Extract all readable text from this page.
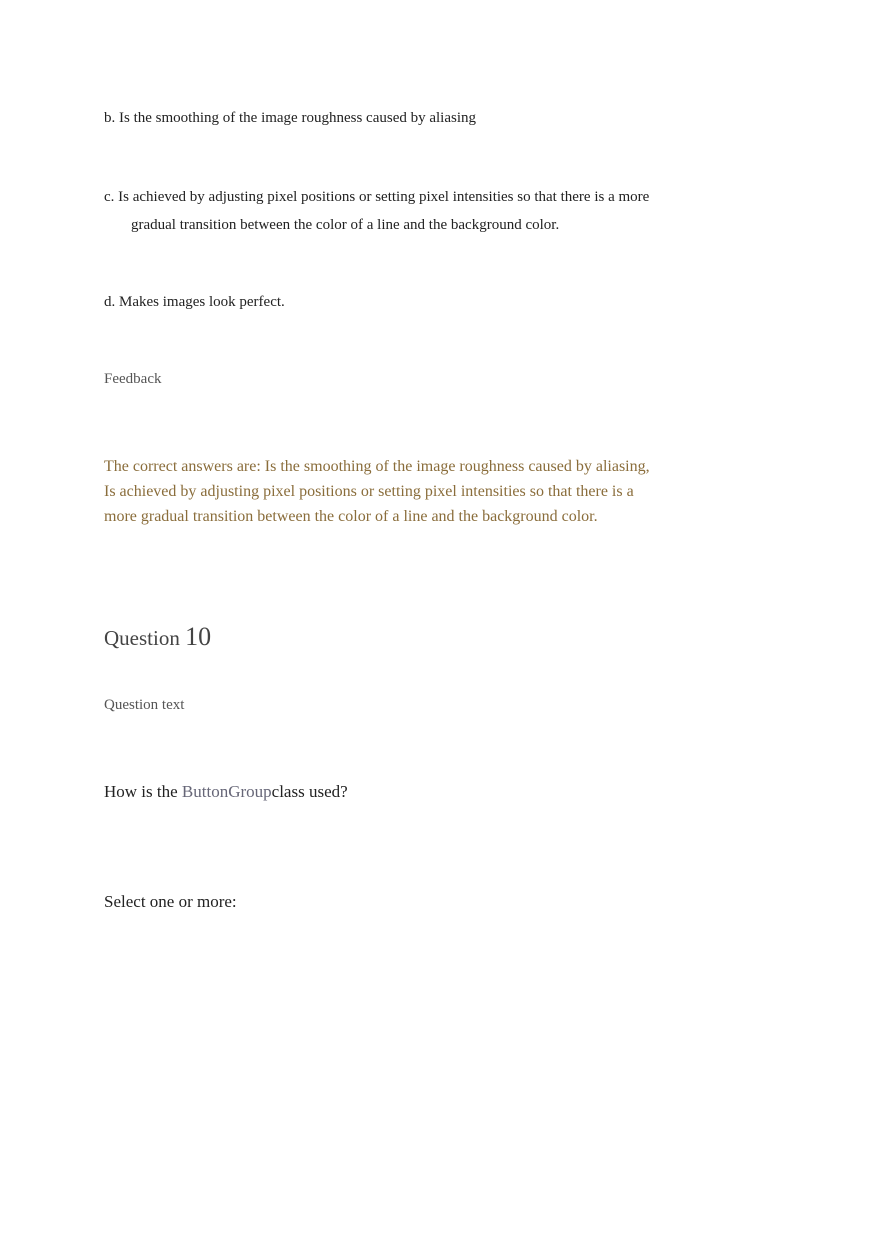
b. Is the smoothing of the image roughness caused by aliasing
c. Is achieved by adjusting pixel positions or setting pixel intensities so that there is a more
gradual transition between the color of a line and the background color.
d. Makes images look perfect.
Feedback
The correct answers are: Is the smoothing of the image roughness caused by aliasing, Is achieved by adjusting pixel positions or setting pixel intensities so that there is a more gradual transition between the color of a line and the background color.
Question 10
Question text
How is the ButtonGroupclass used?
Select one or more:
